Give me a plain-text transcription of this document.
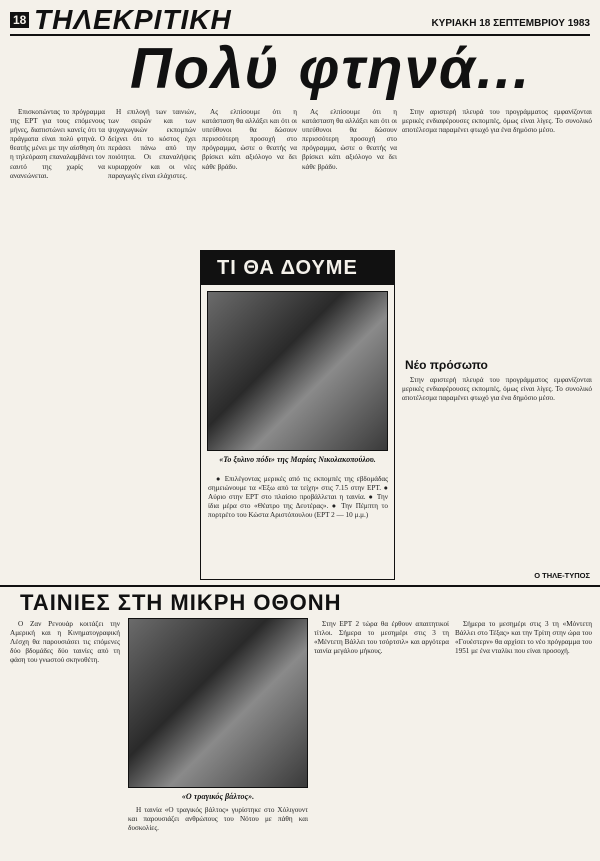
18 ΤΗΛΕΚΡΙΤΙΚΗ	ΚΥΡΙΑΚΗ 18 ΣΕΠΤΕΜΒΡΙΟΥ 1983
Πολύ φτηνά...

Επισκοπώντας το πρόγραμμα της ΕΡΤ για τους επόμενους μήνες, διαπιστώνει κανείς ότι τα πράγματα είναι πολύ φτηνά. Ο θεατής μένει με την αίσθηση ότι η τηλεόραση επαναλαμβάνει τον εαυτό της χωρίς να ανανεώνεται.

Η επιλογή των ταινιών, των σειρών και των ψυχαγωγικών εκπομπών δείχνει ότι το κόστος έχει περάσει πάνω από την ποιότητα. Οι επαναλήψεις κυριαρχούν και οι νέες παραγωγές είναι ελάχιστες.

Ας ελπίσουμε ότι η κατάσταση θα αλλάξει και ότι οι υπεύθυνοι θα δώσουν περισσότερη προσοχή στο πρόγραμμα, ώστε ο θεατής να βρίσκει κάτι αξιόλογο να δει κάθε βράδυ.

Ας ελπίσουμε ότι η κατάσταση θα αλλάξει και ότι οι υπεύθυνοι θα δώσουν περισσότερη προσοχή στο πρόγραμμα, ώστε ο θεατής να βρίσκει κάτι αξιόλογο να δει κάθε βράδυ.

Στην αριστερή πλευρά του προγράμματος εμφανίζονται μερικές ενδιαφέρουσες εκπομπές, όμως είναι λίγες. Το συνολικό αποτέλεσμα παραμένει φτωχό για ένα δημόσιο μέσο.

ΤΙ ΘΑ ΔΟΥΜΕ
«Το ξυλινο πόδι» της Μαρίας Νικολακοπούλου.

● Επιλέγοντας μερικές από τις εκπομπές της εβδομάδας σημειώνουμε τα «Έξω από τα τείχη» στις 7.15 στην ΕΡΤ. ● Αύριο στην ΕΡΤ στο πλαίσιο προβάλλεται η ταινία. ● Την ίδια μέρα στο «Θέατρο της Δευτέρας». ● Την Πέμπτη το πορτρέτο του Κώστα Αριστόπουλου (ΕΡΤ 2 — 10 μ.μ.)

Ο ΤΗΛΕ-ΤΥΠΟΣ
Νέο πρόσωπο

Στην αριστερή πλευρά του προγράμματος εμφανίζονται μερικές ενδιαφέρουσες εκπομπές, όμως είναι λίγες. Το συνολικό αποτέλεσμα παραμένει φτωχό για ένα δημόσιο μέσο.

ΤΑΙΝΙΕΣ ΣΤΗ ΜΙΚΡΗ ΟΘΟΝΗ

Ο Ζαν Ρενουάρ κοιτάζει την Αμερική και η Κινηματογραφική Λέσχη θα παρουσιάσει τις επόμενες δύο βδομάδες δύο ταινίες από τη φάση του γνωστού σκηνοθέτη.

«Ο τραγικός βάλτος».

Η ταινία «Ο τραγικός βάλτος» γυρίστηκε στο Χόλιγουντ και παρουσιάζει ανθρώπους του Νότου με πάθη και δυσκολίες.

Στην ΕΡΤ 2 τώρα θα έρθουν απαιτητικοί τίτλοι. Σήμερα το μεσημέρι στις 3 τη «Μέντετη Βάλλει του τσόρτσιλ» και αργότερα ταινία μεγάλου μήκους.

Σήμερα το μεσημέρι στις 3 τη «Μόντετη Βάλλει στο Τέξας» και την Τρίτη στην ώρα του «Γουέστερν» θα αρχίσει το νέο πρόγραμμα του 1951 με ένα νταλίκι που είναι προσοχή.
